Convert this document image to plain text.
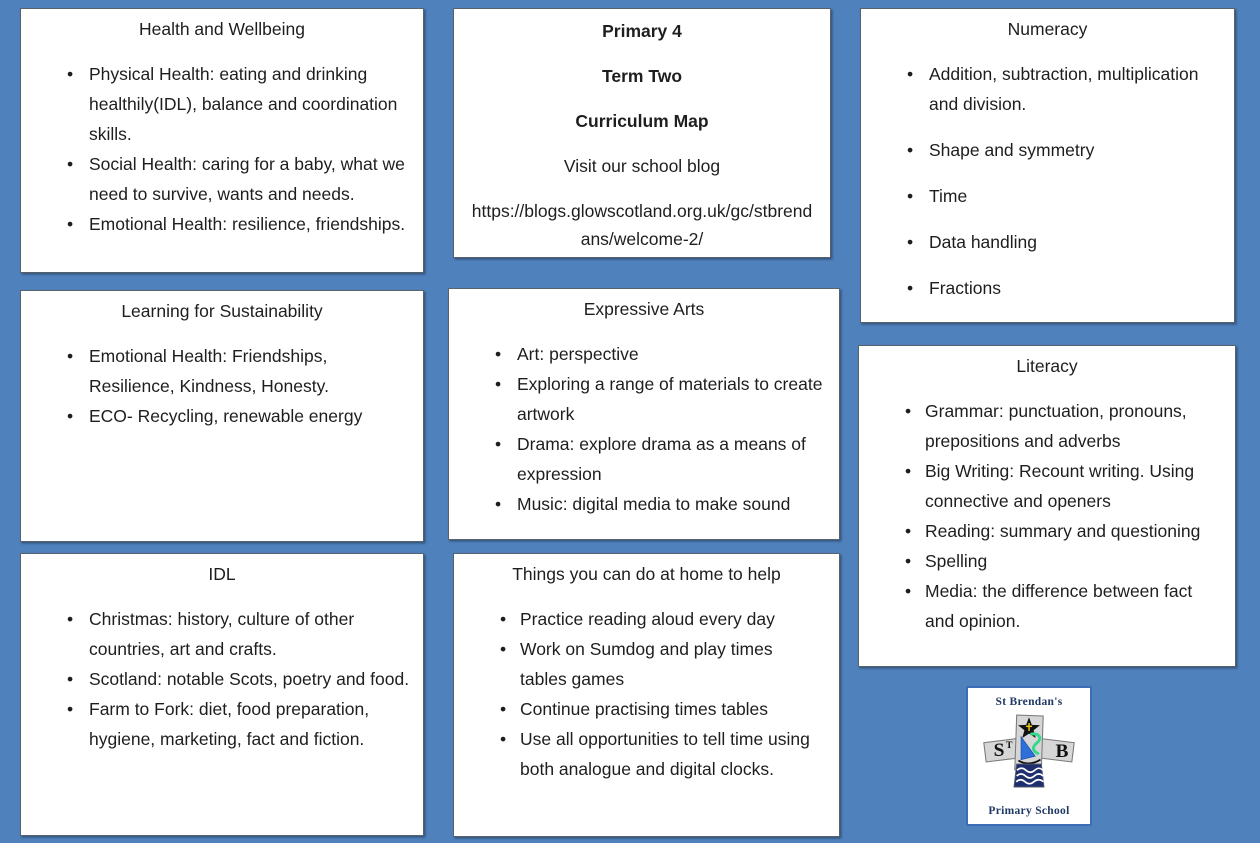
Health and Wellbeing
• Physical Health: eating and drinking healthily(IDL), balance and coordination skills.
• Social Health: caring for a baby, what we need to survive, wants and needs.
• Emotional Health: resilience, friendships.

Primary 4

Term Two

Curriculum Map

Visit our school blog

https://blogs.glowscotland.org.uk/gc/stbrendans/welcome-2/

Numeracy
• Addition, subtraction, multiplication and division.
• Shape and symmetry
• Time
• Data handling
• Fractions
Learning for Sustainability
• Emotional Health: Friendships, Resilience, Kindness, Honesty.
• ECO- Recycling, renewable energy
Expressive Arts
• Art: perspective
• Exploring a range of materials to create artwork
• Drama: explore drama as a means of expression
• Music: digital media to make sound
Literacy
• Grammar: punctuation, pronouns, prepositions and adverbs
• Big Writing: Recount writing. Using connective and openers
• Reading: summary and questioning
• Spelling
• Media: the difference between fact and opinion.
IDL
• Christmas: history, culture of other countries, art and crafts.
• Scotland: notable Scots, poetry and food.
• Farm to Fork: diet, food preparation, hygiene, marketing, fact and fiction.
Things you can do at home to help
• Practice reading aloud every day
• Work on Sumdog and play times tables games
• Continue practising times tables
• Use all opportunities to tell time using both analogue and digital clocks.
St Brendan's
S T B
Primary School
